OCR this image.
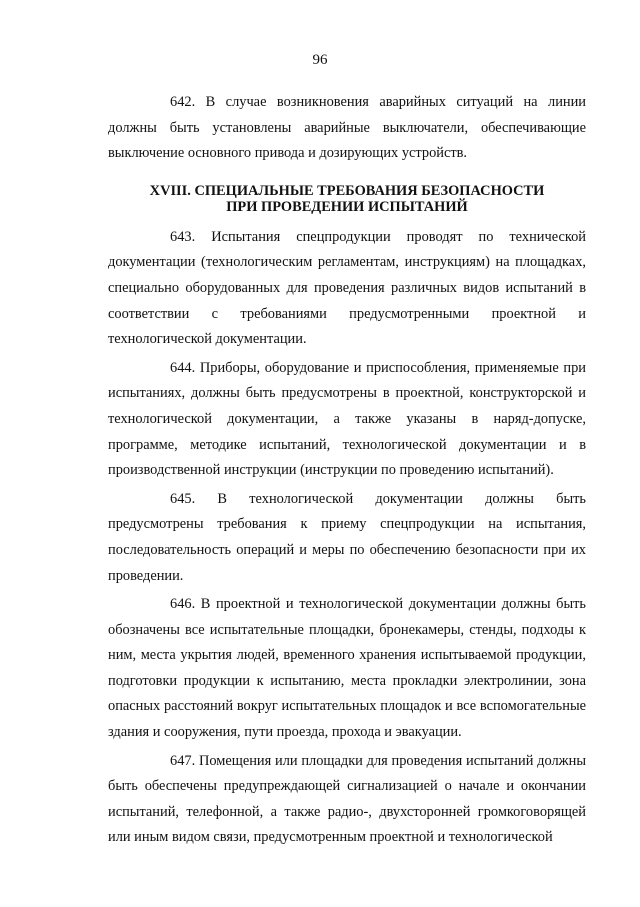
96

642. В случае возникновения аварийных ситуаций на линии должны быть установлены аварийные выключатели, обеспечивающие выключение основного привода и дозирующих устройств.

XVIII. СПЕЦИАЛЬНЫЕ ТРЕБОВАНИЯ БЕЗОПАСНОСТИ
ПРИ ПРОВЕДЕНИИ ИСПЫТАНИЙ

643. Испытания спецпродукции проводят по технической документации (технологическим регламентам, инструкциям) на площадках, специально оборудованных для проведения различных видов испытаний в соответствии с требованиями предусмотренными проектной и технологической документации.

644. Приборы, оборудование и приспособления, применяемые при испытаниях, должны быть предусмотрены в проектной, конструкторской и технологической документации, а также указаны в наряд-допуске, программе, методике испытаний, технологической документации и в производственной инструкции (инструкции по проведению испытаний).

645. В технологической документации должны быть предусмотрены требования к приему спецпродукции на испытания, последовательность операций и меры по обеспечению безопасности при их проведении.

646. В проектной и технологической документации должны быть обозначены все испытательные площадки, бронекамеры, стенды, подходы к ним, места укрытия людей, временного хранения испытываемой продукции, подготовки продукции к испытанию, места прокладки электролинии, зона опасных расстояний вокруг испытательных площадок и все вспомогательные здания и сооружения, пути проезда, прохода и эвакуации.

647. Помещения или площадки для проведения испытаний должны быть обеспечены предупреждающей сигнализацией о начале и окончании испытаний, телефонной, а также радио-, двухсторонней громкоговорящей или иным видом связи, предусмотренным проектной и технологической
